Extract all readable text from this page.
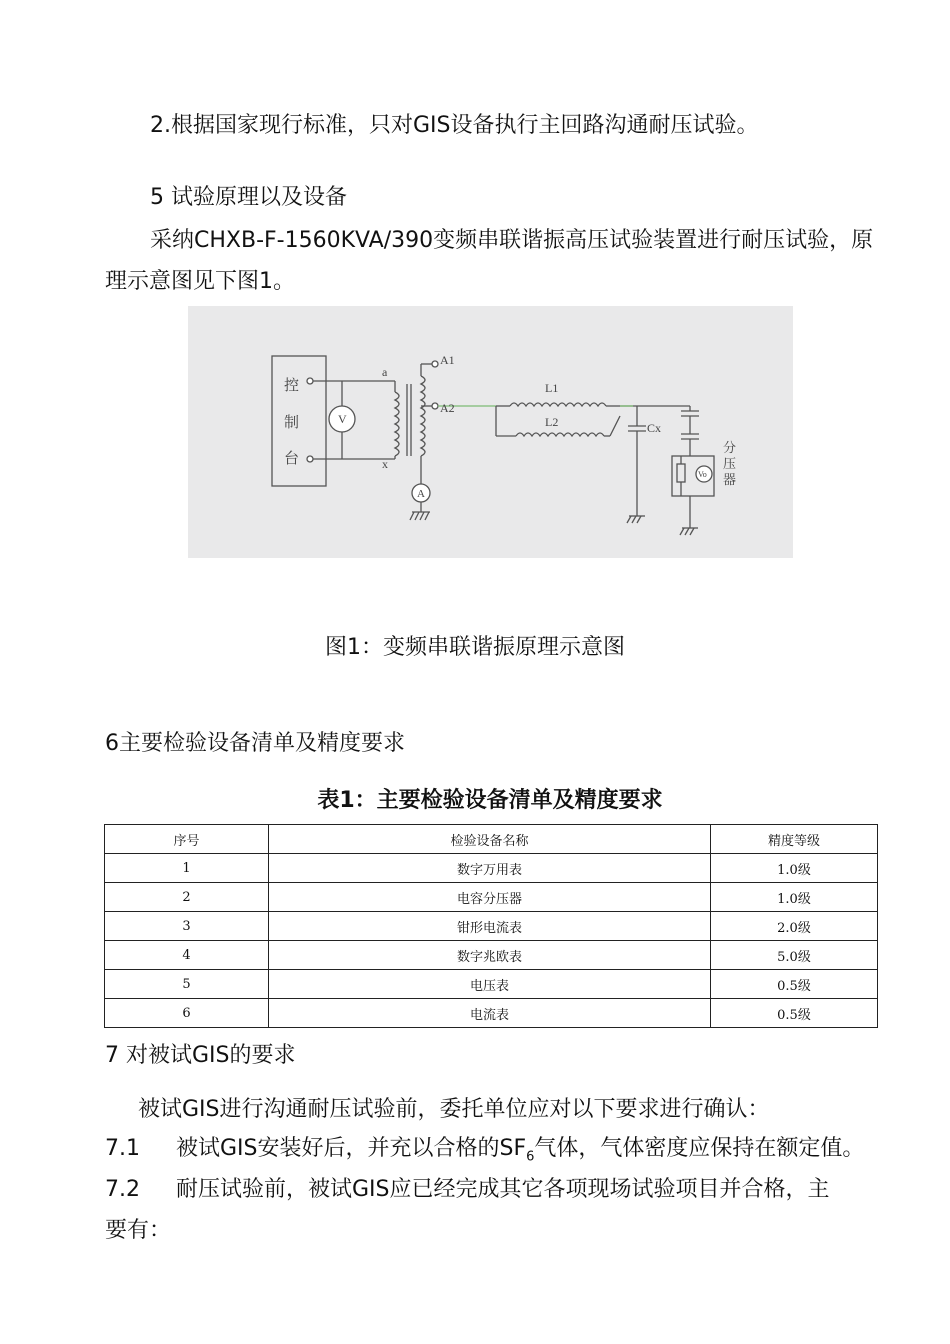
2.根据国家现行标准，只对GIS设备执行主回路沟通耐压试验。
5 试验原理以及设备
采纳CHXB-F-1560KVA/390变频串联谐振高压试验装置进行耐压试验，原
理示意图见下图1。
控
制
台
V
A
a
x
A1
A2
L1
L2	Cx
分
压
器
Vo
图1：变频串联谐振原理示意图
6主要检验设备清单及精度要求
表1：主要检验设备清单及精度要求
序号	检验设备名称	精度等级
1	数字万用表	1.0级
2	电容分压器	1.0级
3	钳形电流表	2.0级
4	数字兆欧表	5.0级
5	电压表	0.5级
6	电流表	0.5级
7 对被试GIS的要求
被试GIS进行沟通耐压试验前，委托单位应对以下要求进行确认：
7.1 被试GIS安装好后，并充以合格的$SF_6$气体，气体密度应保持在额定值。
7.2 耐压试验前，被试GIS应已经完成其它各项现场试验项目并合格，主
要有：
